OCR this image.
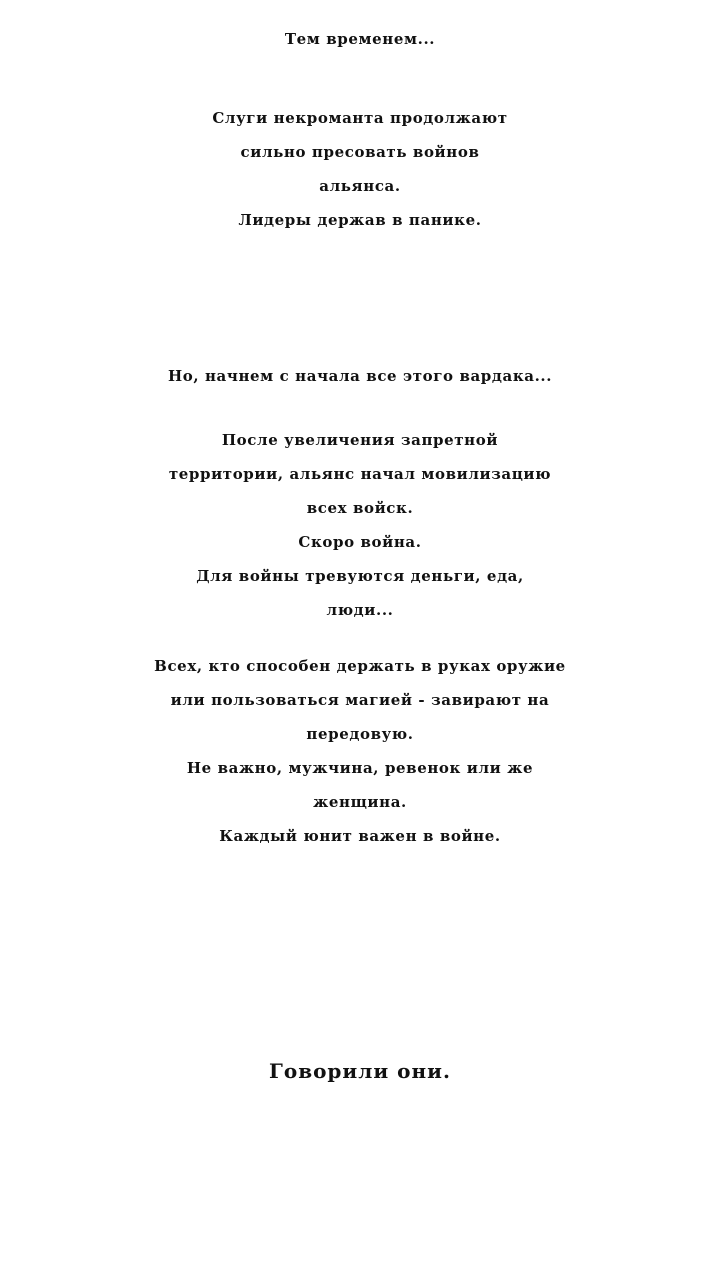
Тем временем...
Слуги некроманта продолжают
сильно пресовать войнов
альянса.
Лидеры держав в панике.
Но, начнем с начала все этого вардака...
После увеличения запретной
территории, альянс начал мовилизацию
всех войск.
Скоро война.
Для войны тревуются деньги, еда,
люди...
Всех, кто способен держать в руках оружие
или пользоваться магией - завирают на
передовую.
Не важно, мужчина, ревенок или же
женщина.
Каждый юнит важен в войне.
Говорили они.
